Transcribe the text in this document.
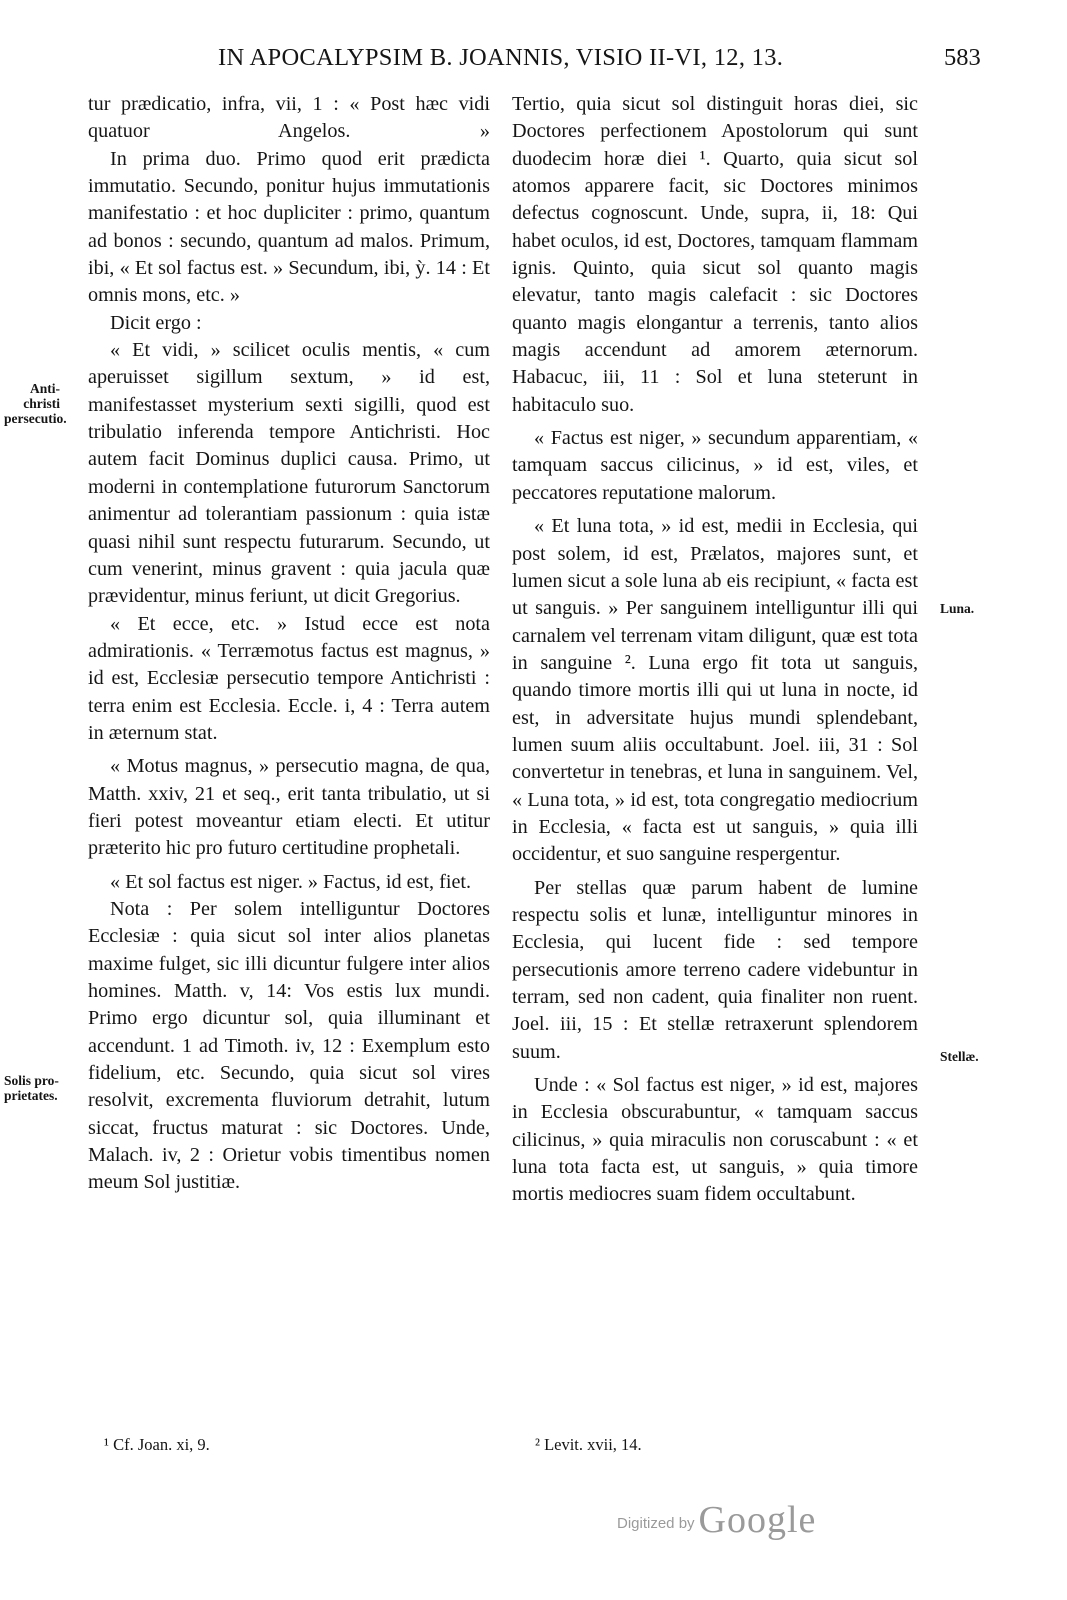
IN APOCALYPSIM B. JOANNIS, VISIO II-VI, 12, 13.	583

tur prædicatio, infra, vii, 1 : « Post hæc vidi quatuor Angelos. »

In prima duo. Primo quod erit prædicta immutatio. Secundo, ponitur hujus immutationis manifestatio : et hoc dupliciter : primo, quantum ad bonos : secundo, quantum ad malos. Primum, ibi, « Et sol factus est. » Secundum, ibi, ỳ. 14 : Et omnis mons, etc. »

Dicit ergo :

« Et vidi, » scilicet oculis mentis, « cum aperuisset sigillum sextum, » id est, manifestasset mysterium sexti sigilli, quod est tribulatio inferenda tempore Antichristi. Hoc autem facit Dominus duplici causa. Primo, ut moderni in contemplatione futurorum Sanctorum animentur ad tolerantiam passionum : quia istæ quasi nihil sunt respectu futurarum. Secundo, ut cum venerint, minus gravent : quia jacula quæ prævidentur, minus feriunt, ut dicit Gregorius.

« Et ecce, etc. » Istud ecce est nota admirationis. « Terræmotus factus est magnus, » id est, Ecclesiæ persecutio tempore Antichristi : terra enim est Ecclesia. Eccle. i, 4 : Terra autem in æternum stat.

« Motus magnus, » persecutio magna, de qua, Matth. xxiv, 21 et seq., erit tanta tribulatio, ut si fieri potest moveantur etiam electi. Et utitur præterito hic pro futuro certitudine prophetali.

« Et sol factus est niger. » Factus, id est, fiet.

Nota : Per solem intelliguntur Doctores Ecclesiæ : quia sicut sol inter alios planetas maxime fulget, sic illi dicuntur fulgere inter alios homines. Matth. v, 14: Vos estis lux mundi. Primo ergo dicuntur sol, quia illuminant et accendunt. 1 ad Timoth. iv, 12 : Exemplum esto fidelium, etc. Secundo, quia sicut sol vires resolvit, excrementa fluviorum detrahit, lutum siccat, fructus maturat : sic Doctores. Unde, Malach. iv, 2 : Orietur vobis timentibus nomen meum Sol justitiæ.

Tertio, quia sicut sol distinguit horas diei, sic Doctores perfectionem Apostolorum qui sunt duodecim horæ diei ¹. Quarto, quia sicut sol atomos apparere facit, sic Doctores minimos defectus cognoscunt. Unde, supra, ii, 18: Qui habet oculos, id est, Doctores, tamquam flammam ignis. Quinto, quia sicut sol quanto magis elevatur, tanto magis calefacit : sic Doctores quanto magis elongantur a terrenis, tanto alios magis accendunt ad amorem æternorum. Habacuc, iii, 11 : Sol et luna steterunt in habitaculo suo.

« Factus est niger, » secundum apparentiam, « tamquam saccus cilicinus, » id est, viles, et peccatores reputatione malorum.

« Et luna tota, » id est, medii in Ecclesia, qui post solem, id est, Prælatos, majores sunt, et lumen sicut a sole luna ab eis recipiunt, « facta est ut sanguis. » Per sanguinem intelliguntur illi qui carnalem vel terrenam vitam diligunt, quæ est tota in sanguine ². Luna ergo fit tota ut sanguis, quando timore mortis illi qui ut luna in nocte, id est, in adversitate hujus mundi splendebant, lumen suum aliis occultabunt. Joel. iii, 31 : Sol convertetur in tenebras, et luna in sanguinem. Vel, « Luna tota, » id est, tota congregatio mediocrium in Ecclesia, « facta est ut sanguis, » quia illi occidentur, et suo sanguine respergentur.

Per stellas quæ parum habent de lumine respectu solis et lunæ, intelliguntur minores in Ecclesia, qui lucent fide : sed tempore persecutionis amore terreno cadere videbuntur in terram, sed non cadent, quia finaliter non ruent. Joel. iii, 15 : Et stellæ retraxerunt splendorem suum.

Unde : « Sol factus est niger, » id est, majores in Ecclesia obscurabuntur, « tamquam saccus cilicinus, » quia miraculis non coruscabunt : « et luna tota facta est, ut sanguis, » quia timore mortis mediocres suam fidem occultabunt.

Anti-
christi
persecutio.
Solis pro-
prietates.
Luna.
Stellæ.
¹ Cf. Joan. xi, 9.	² Levit. xvii, 14.
Digitized by Google
